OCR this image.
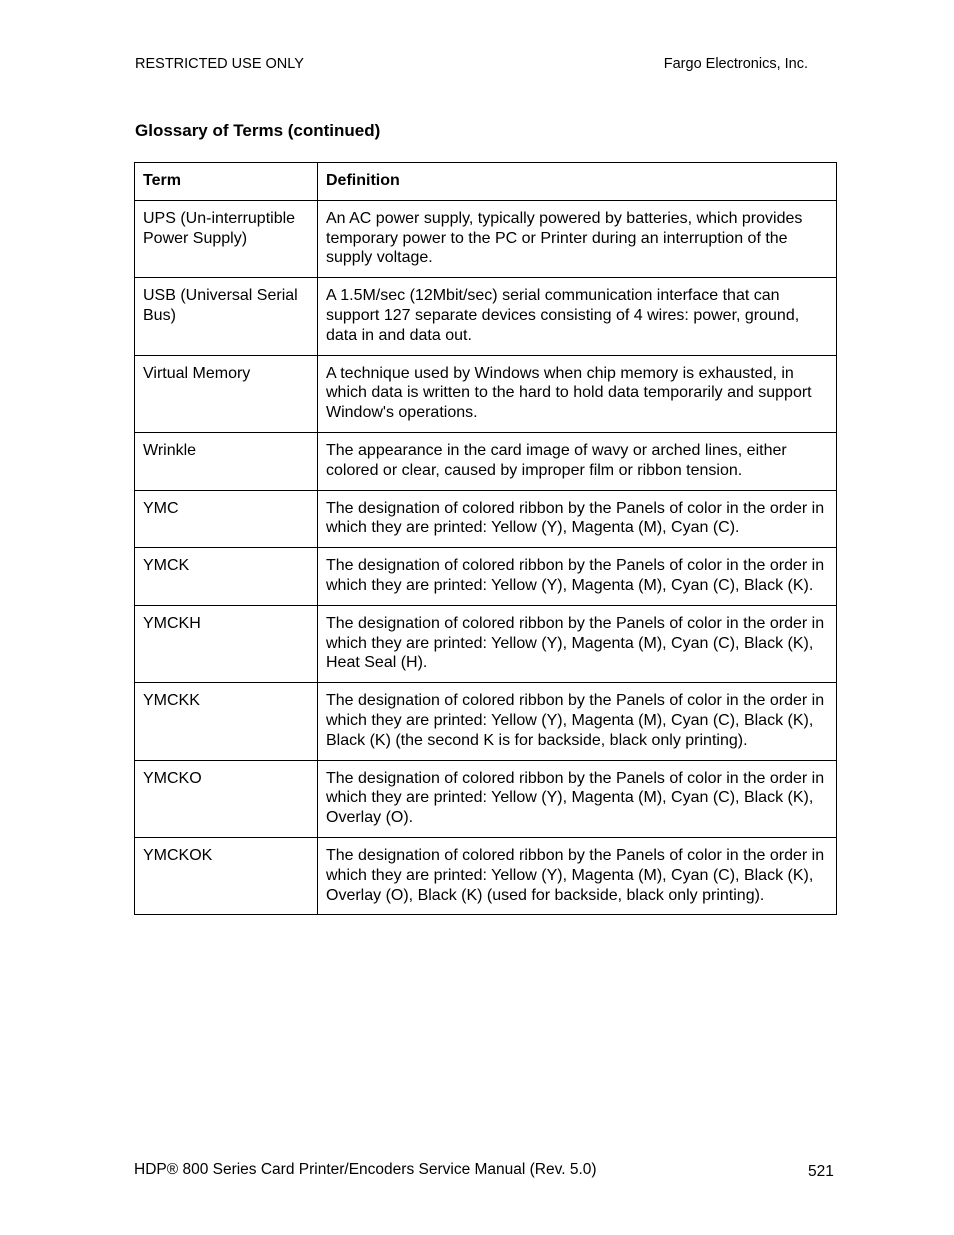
RESTRICTED USE ONLY	Fargo Electronics, Inc.
Glossary of Terms (continued)
Term	Definition
UPS (Un-interruptible Power Supply)	An AC power supply, typically powered by batteries, which provides temporary power to the PC or Printer during an interruption of the supply voltage.
USB (Universal Serial Bus)	A 1.5M/sec (12Mbit/sec) serial communication interface that can support 127 separate devices consisting of 4 wires: power, ground, data in and data out.
Virtual Memory	A technique used by Windows when chip memory is exhausted, in which data is written to the hard to hold data temporarily and support Window's operations.
Wrinkle	The appearance in the card image of wavy or arched lines, either colored or clear, caused by improper film or ribbon tension.
YMC	The designation of colored ribbon by the Panels of color in the order in which they are printed: Yellow (Y), Magenta (M), Cyan (C).
YMCK	The designation of colored ribbon by the Panels of color in the order in which they are printed: Yellow (Y), Magenta (M), Cyan (C), Black (K).
YMCKH	The designation of colored ribbon by the Panels of color in the order in which they are printed: Yellow (Y), Magenta (M), Cyan (C), Black (K), Heat Seal (H).
YMCKK	The designation of colored ribbon by the Panels of color in the order in which they are printed: Yellow (Y), Magenta (M), Cyan (C), Black (K), Black (K) (the second K is for backside, black only printing).
YMCKO	The designation of colored ribbon by the Panels of color in the order in which they are printed: Yellow (Y), Magenta (M), Cyan (C), Black (K), Overlay (O).
YMCKOK	The designation of colored ribbon by the Panels of color in the order in which they are printed: Yellow (Y), Magenta (M), Cyan (C), Black (K), Overlay (O), Black (K) (used for backside, black only printing).
HDP® 800 Series Card Printer/Encoders Service Manual (Rev. 5.0)	521
